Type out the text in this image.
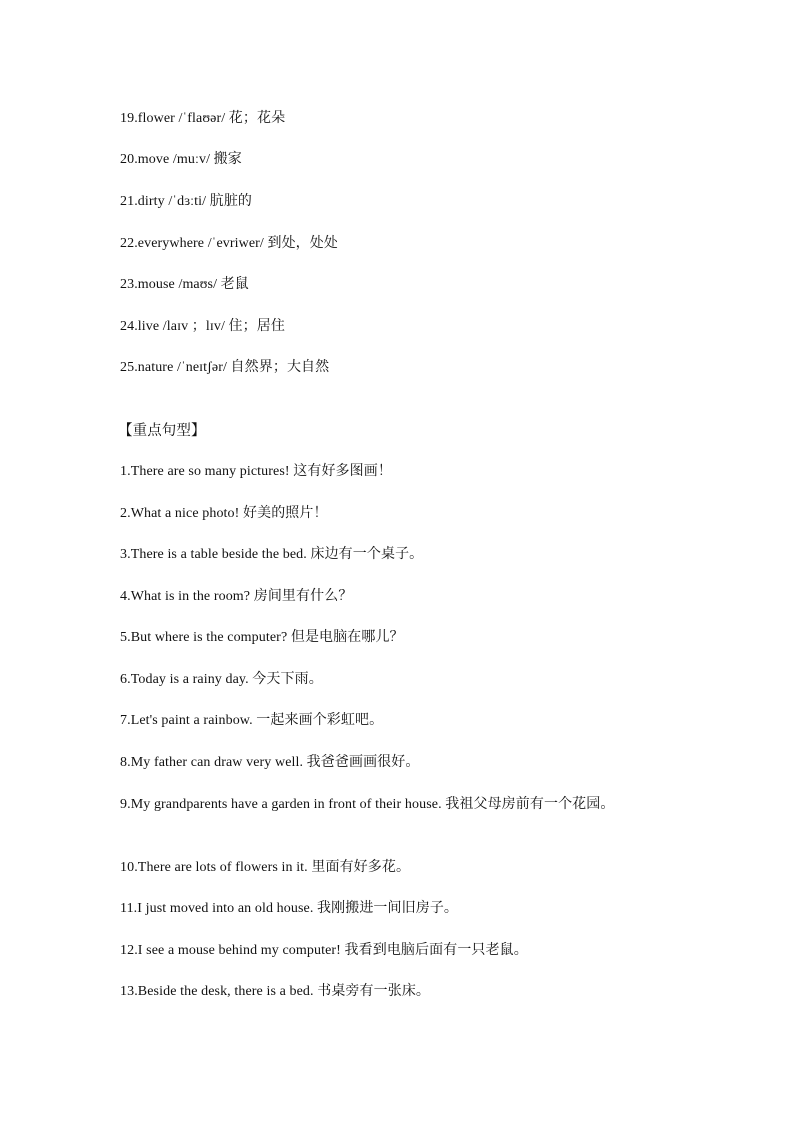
19.flower /ˈflaʊər/ 花；花朵
20.move /muːv/ 搬家
21.dirty /ˈdɜːti/ 肮脏的
22.everywhere /ˈevriwer/ 到处，处处
23.mouse /maʊs/ 老鼠
24.live /laɪv ；lɪv/ 住；居住
25.nature /ˈneɪtʃər/ 自然界；大自然
【重点句型】
1.There are so many pictures! 这有好多图画！
2.What a nice photo! 好美的照片！
3.There is a table beside the bed. 床边有一个桌子。
4.What is in the room? 房间里有什么？
5.But where is the computer? 但是电脑在哪儿？
6.Today is a rainy day. 今天下雨。
7.Let's paint a rainbow. 一起来画个彩虹吧。
8.My father can draw very well. 我爸爸画画很好。
9.My grandparents have a garden in front of their house. 我祖父母房前有一个花园。
10.There are lots of flowers in it. 里面有好多花。
11.I just moved into an old house. 我刚搬进一间旧房子。
12.I see a mouse behind my computer! 我看到电脑后面有一只老鼠。
13.Beside the desk, there is a bed. 书桌旁有一张床。
